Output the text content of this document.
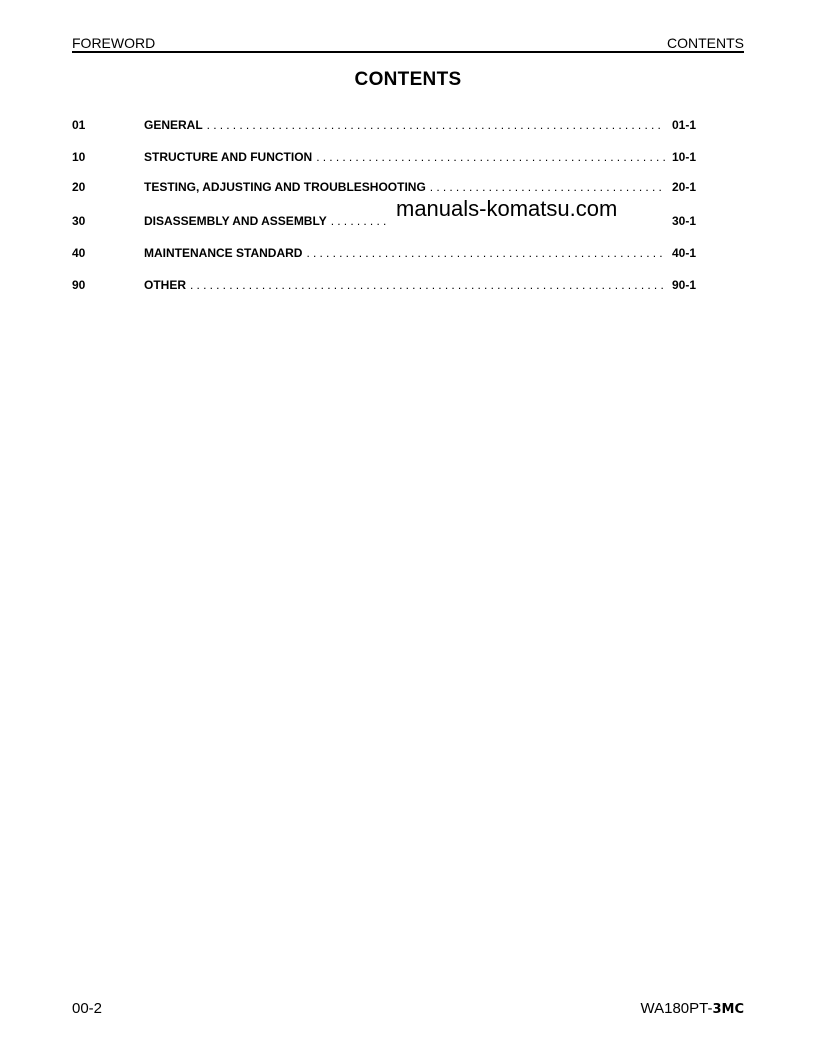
FOREWORD	CONTENTS
CONTENTS
01	GENERAL ...................................................................... 01-1
10	STRUCTURE AND FUNCTION ...................................................... 10-1
20	TESTING, ADJUSTING AND TROUBLESHOOTING .................................... 20-1
30	DISASSEMBLY AND ASSEMBLY .........	30-1
40	MAINTENANCE STANDARD ....................................................... 40-1
90	OTHER ......................................................................... 90-1
manuals-komatsu.com
00-2	WA180PT-3MC
